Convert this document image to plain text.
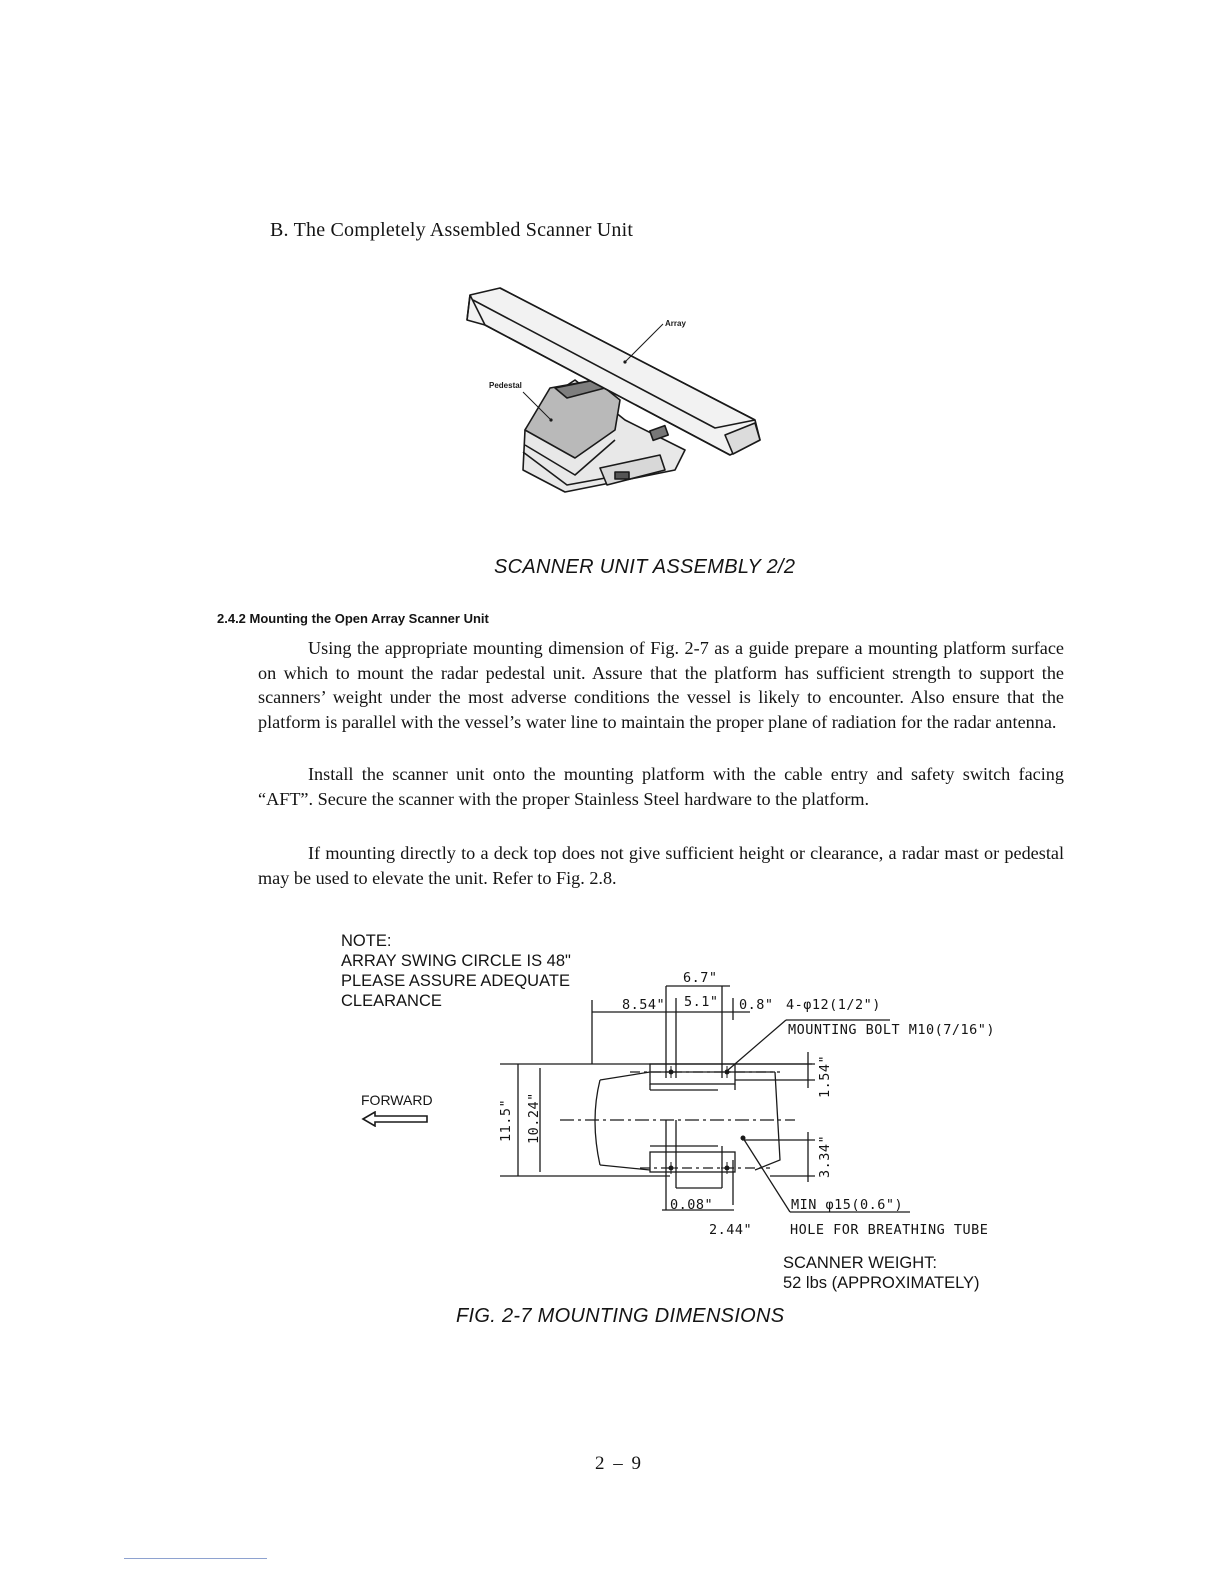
B. The Completely Assembled Scanner Unit
Array
Pedestal
SCANNER UNIT ASSEMBLY 2/2
2.4.2 Mounting the Open Array Scanner Unit

Using the appropriate mounting dimension of Fig. 2-7 as a guide prepare a mounting platform surface on which to mount the radar pedestal unit. Assure that the platform has sufficient strength to support the scanners’ weight under the most adverse conditions the vessel is likely to encounter. Also ensure that the platform is parallel with the vessel’s water line to maintain the proper plane of radiation for the radar antenna.

Install the scanner unit onto the mounting platform with the cable entry and safety switch facing “AFT”. Secure the scanner with the proper Stainless Steel hardware to the platform.

If mounting directly to a deck top does not give sufficient height or clearance, a radar mast or pedestal may be used to elevate the unit. Refer to Fig. 2.8.

NOTE:
ARRAY SWING CIRCLE IS 48"
PLEASE ASSURE ADEQUATE
CLEARANCE
FORWARD
6.7"
8.54" 5.1" 0.8" 4-φ12(1/2")
MOUNTING BOLT M10(7/16")
1.54"
11.5" 10.24"
3.34"
0.08"
2.44"
MIN φ15(0.6")
HOLE FOR BREATHING TUBE
SCANNER WEIGHT:
52 lbs (APPROXIMATELY)
FIG. 2-7 MOUNTING DIMENSIONS
2 – 9
